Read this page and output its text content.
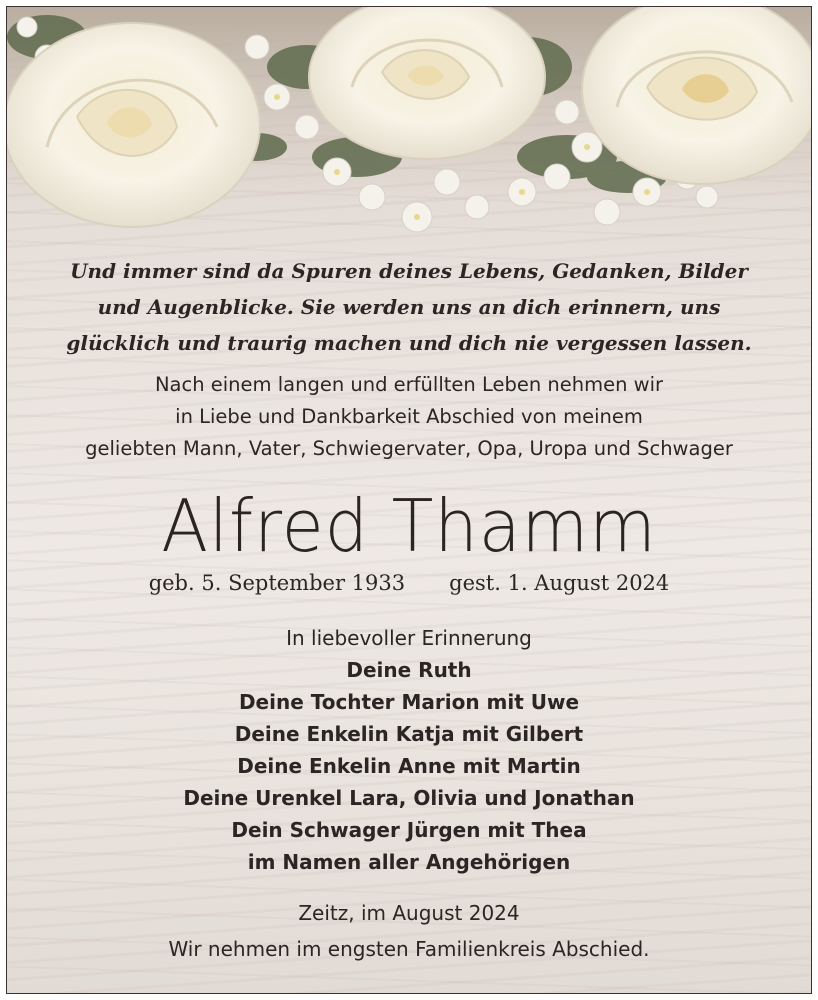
Und immer sind da Spuren deines Lebens, Gedanken, Bilder
und Augenblicke. Sie werden uns an dich erinnern, uns
glücklich und traurig machen und dich nie vergessen lassen.
Nach einem langen und erfüllten Leben nehmen wir
in Liebe und Dankbarkeit Abschied von meinem
geliebten Mann, Vater, Schwiegervater, Opa, Uropa und Schwager
Alfred Thamm
geb. 5. September 1933 gest. 1. August 2024
In liebevoller Erinnerung
Deine Ruth
Deine Tochter Marion mit Uwe
Deine Enkelin Katja mit Gilbert
Deine Enkelin Anne mit Martin
Deine Urenkel Lara, Olivia und Jonathan
Dein Schwager Jürgen mit Thea
im Namen aller Angehörigen
Zeitz, im August 2024
Wir nehmen im engsten Familienkreis Abschied.
